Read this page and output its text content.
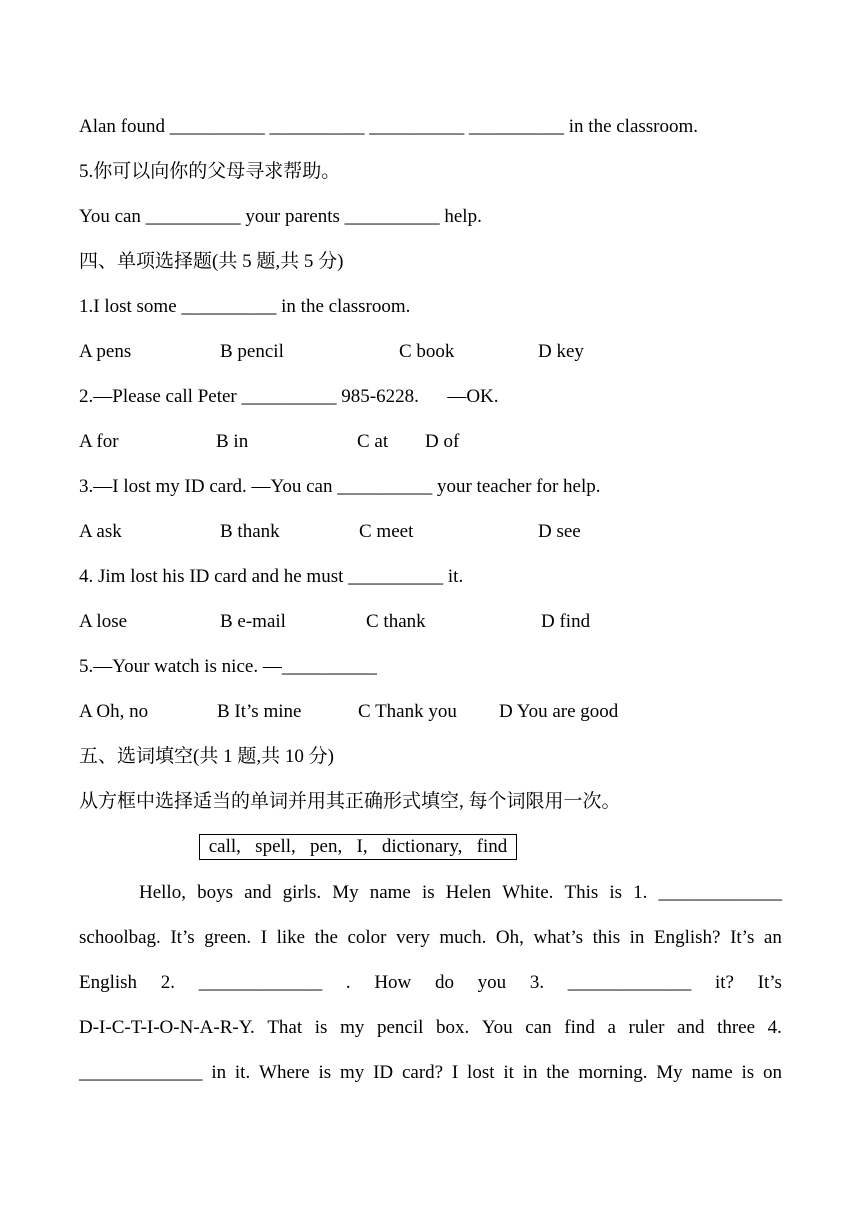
Alan found __________ __________ __________ __________ in the classroom.
5.你可以向你的父母寻求帮助。
You can __________ your parents __________ help.
四、单项选择题(共 5 题,共 5 分)
1.I lost some __________ in the classroom.
A pens	B pencil	C book	D key
2.—Please call Peter __________ 985-6228.      —OK.
A for	B in	C at D of
3.—I lost my ID card. —You can __________ your teacher for help.
A ask	B thank	C meet	D see
4. Jim lost his ID card and he must __________ it.
A lose	B e-mail	C thank	D find
5.—Your watch is nice. —__________
A Oh, no	B It’s mine	C Thank you D You are good
五、选词填空(共 1 题,共 10 分)
从方框中选择适当的单词并用其正确形式填空, 每个词限用一次。
call,   spell,   pen,   I,   dictionary,   find
Hello, boys and girls. My name is Helen White. This is 1. _____________
schoolbag. It’s green. I like the color very much. Oh, what’s this in English? It’s an
English 2. _____________ . How do you 3. _____________ it? It’s
D-I-C-T-I-O-N-A-R-Y. That is my pencil box. You can find a ruler and three 4.
_____________ in it. Where is my ID card? I lost it in the morning. My name is on
